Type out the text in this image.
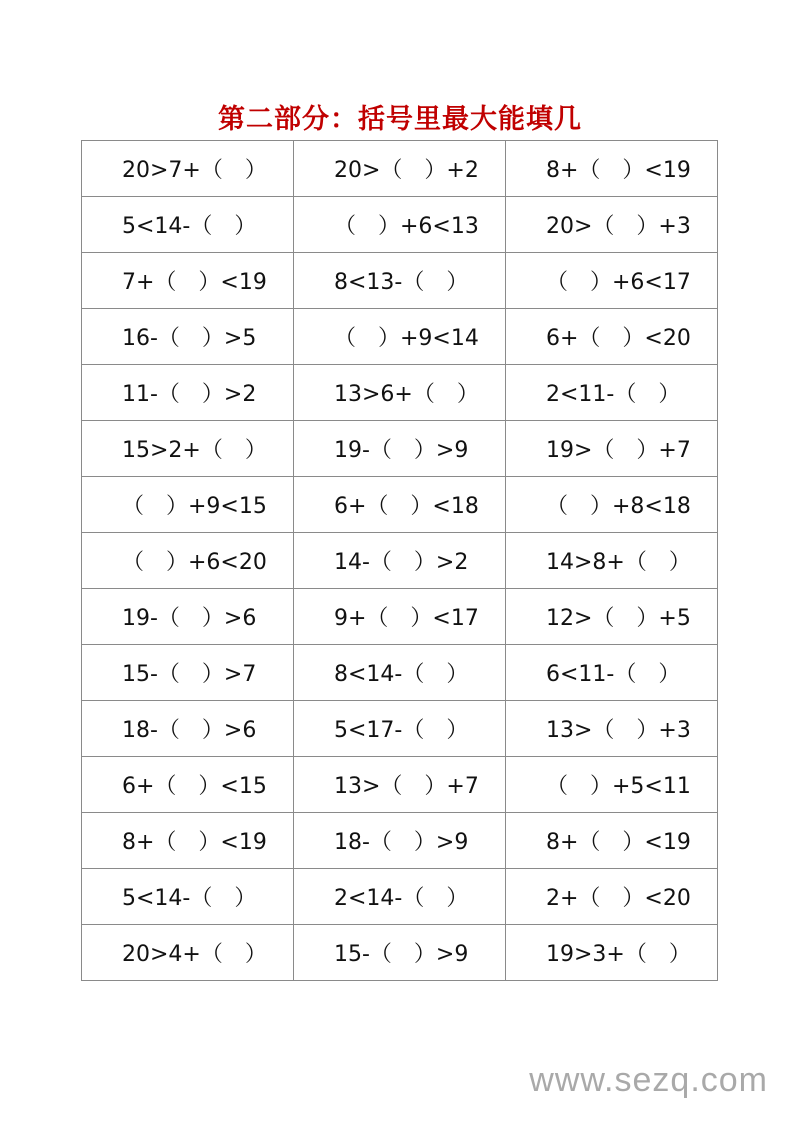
第二部分：括号里最大能填几
20>7+（　）	20>（　）+2	8+（　）<19
5<14-（　）	（　）+6<13	20>（　）+3
7+（　）<19	8<13-（　）	（　）+6<17
16-（　）>5	（　）+9<14	6+（　）<20
11-（　）>2	13>6+（　）	2<11-（　）
15>2+（　）	19-（　）>9	19>（　）+7
（　）+9<15	6+（　）<18	（　）+8<18
（　）+6<20	14-（　）>2	14>8+（　）
19-（　）>6	9+（　）<17	12>（　）+5
15-（　）>7	8<14-（　）	6<11-（　）
18-（　）>6	5<17-（　）	13>（　）+3
6+（　）<15	13>（　）+7	（　）+5<11
8+（　）<19	18-（　）>9	8+（　）<19
5<14-（　）	2<14-（　）	2+（　）<20
20>4+（　）	15-（　）>9	19>3+（　）
www.sezq.com
